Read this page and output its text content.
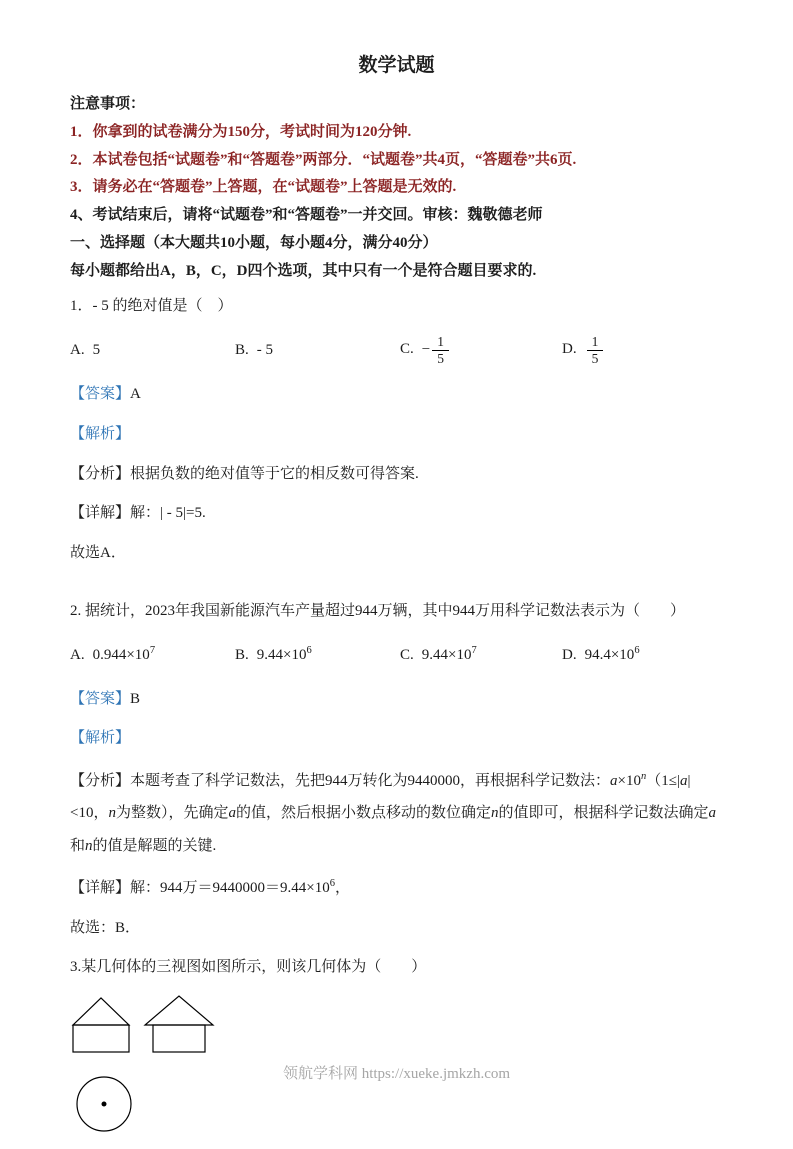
数学试题

注意事项：

1．你拿到的试卷满分为150分，考试时间为120分钟.

2．本试卷包括“试题卷”和“答题卷”两部分．“试题卷”共4页，“答题卷”共6页.

3．请务必在“答题卷”上答题，在“试题卷”上答题是无效的.

4、考试结束后，请将“试题卷”和“答题卷”一并交回。审核：魏敬德老师

一、选择题（本大题共10小题，每小题4分，满分40分）

每小题都给出A，B，C，D四个选项，其中只有一个是符合题目要求的.

1．- 5 的绝对值是（　）

A. 5	B. - 5	C. − $\frac{1}{5}$	D. $\frac{1}{5}$

【答案】A

【解析】

【分析】根据负数的绝对值等于它的相反数可得答案.

【详解】解：| - 5|=5.

故选A．

2. 据统计，2023年我国新能源汽车产量超过944万辆，其中944万用科学记数法表示为（　　）

A. $0.944\times 10^7$	B. $9.44\times 10^6$	C. $9.44\times 10^7$	D. $94.4\times 10^6$

【答案】B

【解析】

【分析】本题考查了科学记数法，先把944万转化为9440000，再根据科学记数法：$a\times 10^n(1\le|a|<10$，n为整数），先确定a的值，然后根据小数点移动的数位确定n的值即可，根据科学记数法确定a和n的值是解题的关键.

【详解】解：944万$=9440000=9.44\times 10^6$，

故选：B．

3.某几何体的三视图如图所示，则该几何体为（　　）

领航学科网 https://xueke.jmkzh.com
